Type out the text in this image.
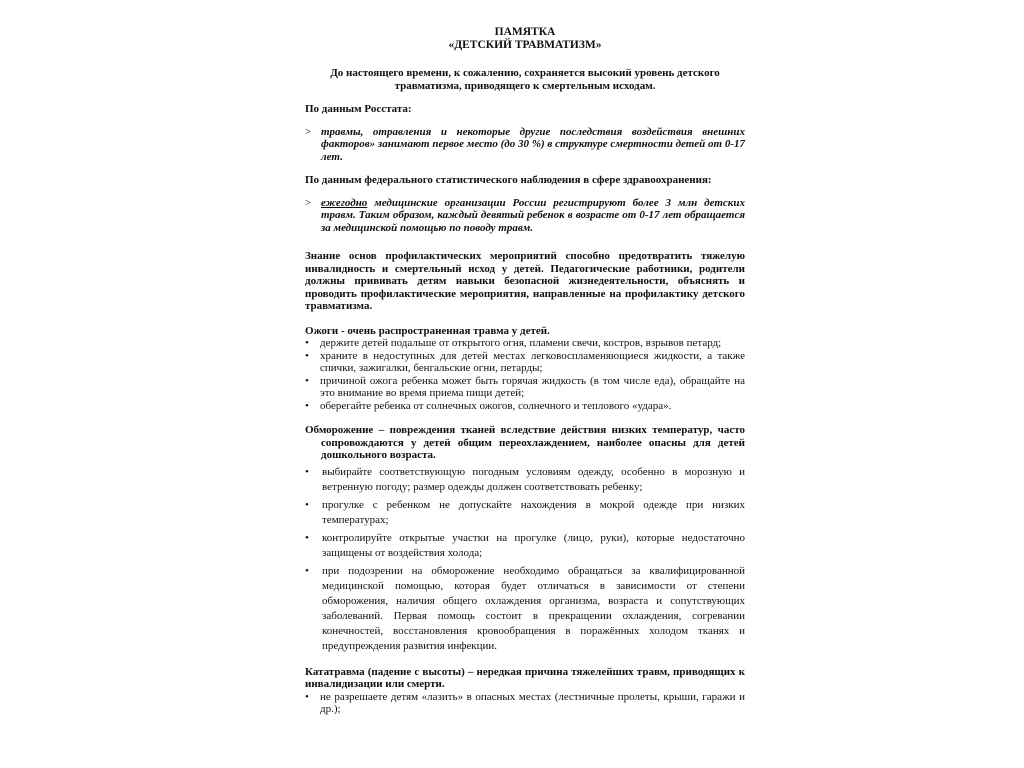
ПАМЯТКА
«ДЕТСКИЙ ТРАВМАТИЗМ»
До настоящего времени, к сожалению, сохраняется высокий уровень детского травматизма, приводящего к смертельным исходам.
По данным Росстата:
> травмы, отравления и некоторые другие последствия воздействия внешних факторов» занимают первое место (до 30 %) в структуре смертности детей от 0-17 лет.
По данным федерального статистического наблюдения в сфере здравоохранения:
> ежегодно медицинские организации России регистрируют более 3 млн детских травм. Таким образом, каждый девятый ребенок в возрасте от 0-17 лет обращается за медицинской помощью по поводу травм.
Знание основ профилактических мероприятий способно предотвратить тяжелую инвалидность и смертельный исход у детей. Педагогические работники, родители должны прививать детям навыки безопасной жизнедеятельности, объяснять и проводить профилактические мероприятия, направленные на профилактику детского травматизма.
Ожоги - очень распространенная травма у детей.
•	держите детей подальше от открытого огня, пламени свечи, костров, взрывов петард;
•	храните в недоступных для детей местах легковоспламеняющиеся жидкости, а также спички, зажигалки, бенгальские огни, петарды;
•	причиной ожога ребенка может быть горячая жидкость (в том числе еда), обращайте на это внимание во время приема пищи детей;
•	оберегайте ребенка от солнечных ожогов, солнечного и теплового «удара».
Обморожение – повреждения тканей вследствие действия низких температур, часто сопровождаются у детей общим переохлаждением, наиболее опасны для детей дошкольного возраста.
•	выбирайте соответствующую погодным условиям одежду, особенно в морозную и ветренную погоду; размер одежды должен соответствовать ребенку;
•	прогулке с ребенком не допускайте нахождения в мокрой одежде при низких температурах;
•	контролируйте открытые участки на прогулке (лицо, руки), которые недостаточно защищены от воздействия холода;
•	при подозрении на обморожение необходимо обращаться за квалифицированной медицинской помощью, которая будет отличаться в зависимости от степени обморожения, наличия общего охлаждения организма, возраста и сопутствующих заболеваний. Первая помощь состоит в прекращении охлаждения, согревании конечностей, восстановления кровообращения в поражённых холодом тканях и предупреждения развития инфекции.
Кататравма (падение с высоты) – нередкая причина тяжелейших травм, приводящих к инвалидизации или смерти.
•	не разрешаете детям «лазить» в опасных местах (лестничные пролеты, крыши, гаражи и др.);
